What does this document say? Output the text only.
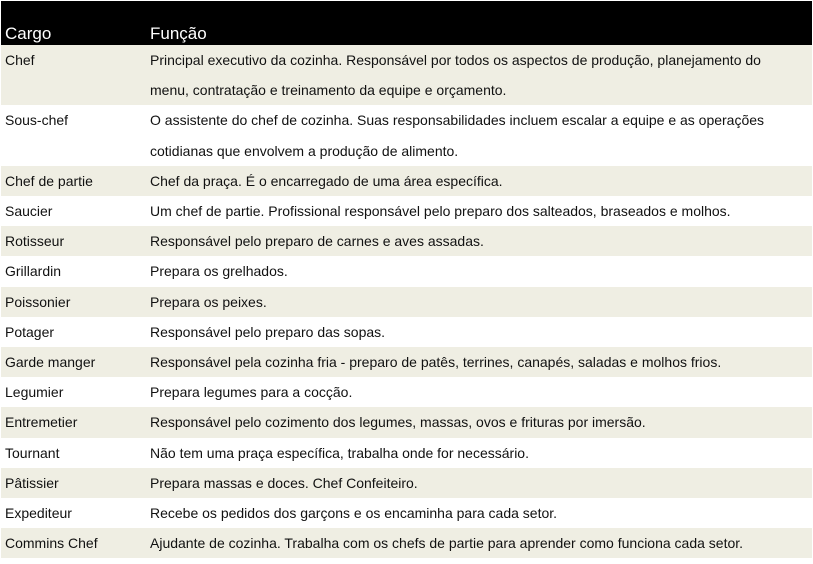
Cargo	Função
Chef	Principal executivo da cozinha. Responsável por todos os aspectos de produção, planejamento do menu, contratação e treinamento da equipe e orçamento.
Sous-chef	O assistente do chef de cozinha. Suas responsabilidades incluem escalar a equipe e as operações cotidianas que envolvem a produção de alimento.
Chef de partie	Chef da praça. É o encarregado de uma área específica.
Saucier	Um chef de partie. Profissional responsável pelo preparo dos salteados, braseados e molhos.
Rotisseur	Responsável pelo preparo de carnes e aves assadas.
Grillardin	Prepara os grelhados.
Poissonier	Prepara os peixes.
Potager	Responsável pelo preparo das sopas.
Garde manger	Responsável pela cozinha fria - preparo de patês, terrines, canapés, saladas e molhos frios.
Legumier	Prepara legumes para a cocção.
Entremetier	Responsável pelo cozimento dos legumes, massas, ovos e frituras por imersão.
Tournant	Não tem uma praça específica, trabalha onde for necessário.
Pâtissier	Prepara massas e doces. Chef Confeiteiro.
Expediteur	Recebe os pedidos dos garçons e os encaminha para cada setor.
Commins Chef	Ajudante de cozinha. Trabalha com os chefs de partie para aprender como funciona cada setor.
